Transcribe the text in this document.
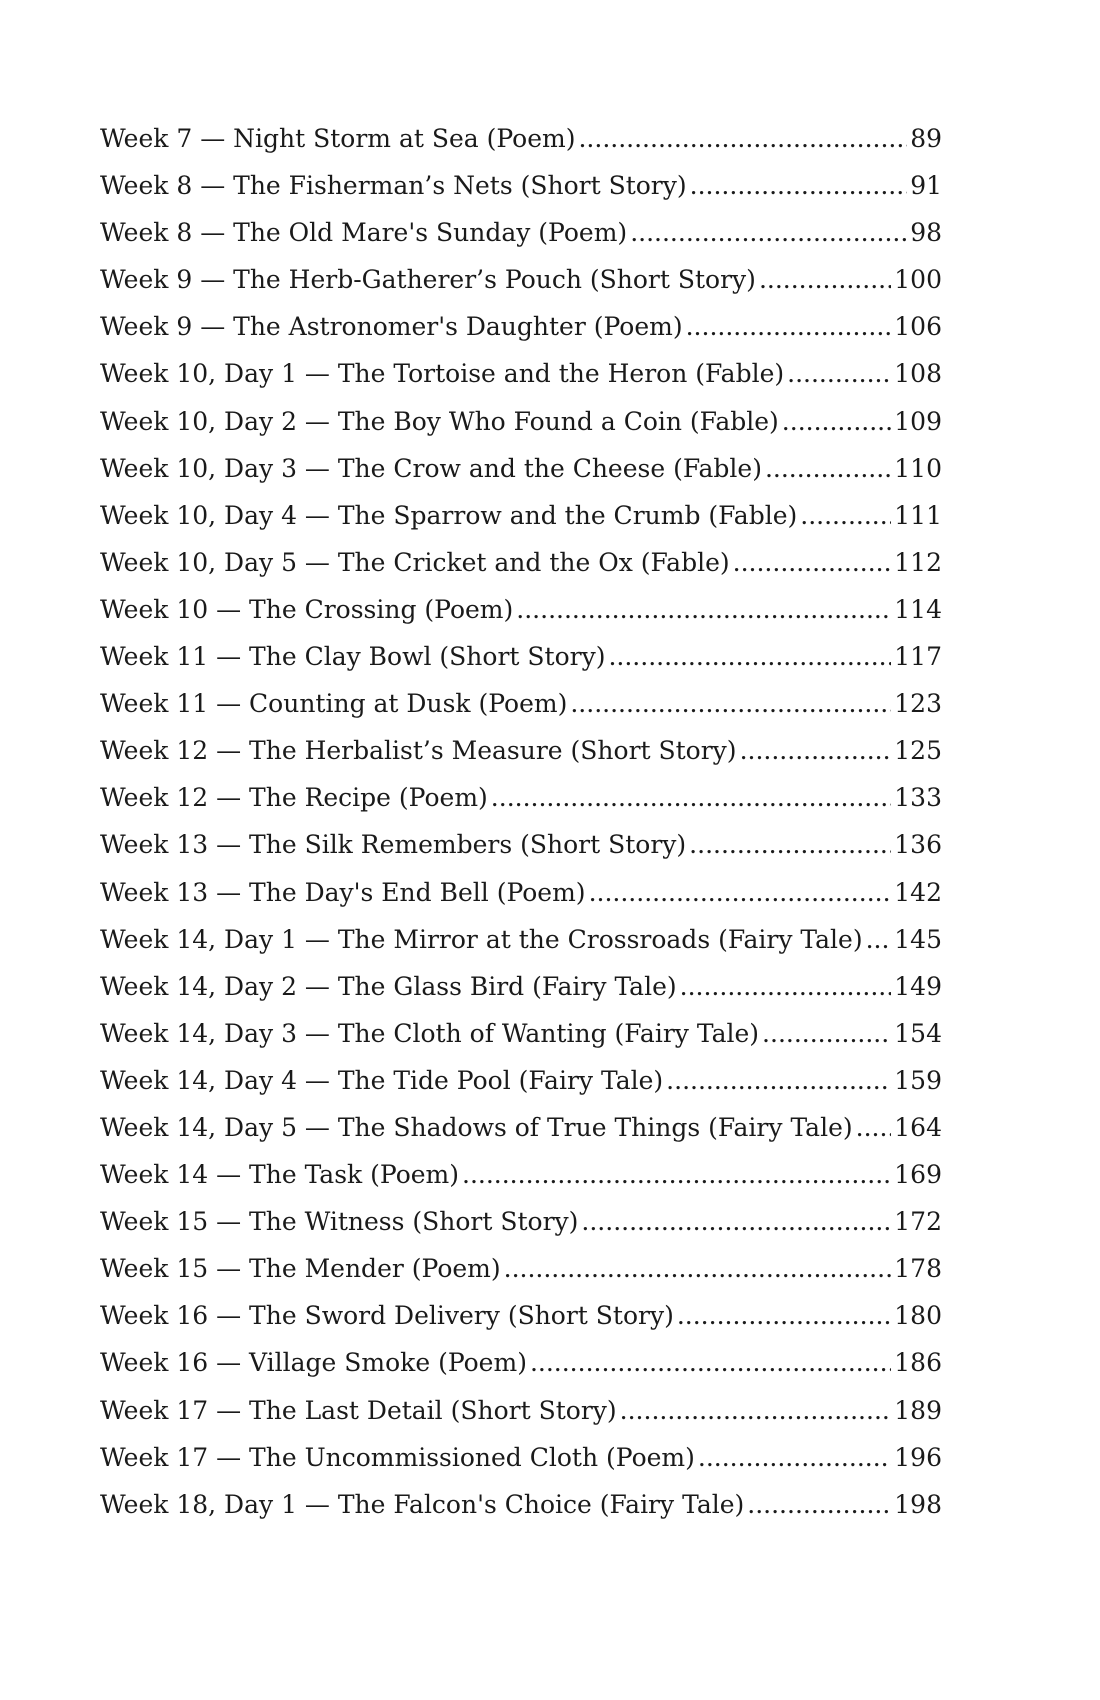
Week 7 — Night Storm at Sea (Poem) .....	89
Week 8 — The Fisherman’s Nets (Short Story) .....	91
Week 8 — The Old Mare's Sunday (Poem) .....	98
Week 9 — The Herb-Gatherer’s Pouch (Short Story) .....	100
Week 9 — The Astronomer's Daughter (Poem) .....	106
Week 10, Day 1 — The Tortoise and the Heron (Fable) .....	108
Week 10, Day 2 — The Boy Who Found a Coin (Fable) .....	109
Week 10, Day 3 — The Crow and the Cheese (Fable) .....	110
Week 10, Day 4 — The Sparrow and the Crumb (Fable) .....	111
Week 10, Day 5 — The Cricket and the Ox (Fable) .....	112
Week 10 — The Crossing (Poem) .....	114
Week 11 — The Clay Bowl (Short Story) .....	117
Week 11 — Counting at Dusk (Poem) .....	123
Week 12 — The Herbalist’s Measure (Short Story) .....	125
Week 12 — The Recipe (Poem) .....	133
Week 13 — The Silk Remembers (Short Story) .....	136
Week 13 — The Day's End Bell (Poem) .....	142
Week 14, Day 1 — The Mirror at the Crossroads (Fairy Tale) ..... 145
Week 14, Day 2 — The Glass Bird (Fairy Tale) .....	149
Week 14, Day 3 — The Cloth of Wanting (Fairy Tale) .....	154
Week 14, Day 4 — The Tide Pool (Fairy Tale) .....	159
Week 14, Day 5 — The Shadows of True Things (Fairy Tale) ..... 164
Week 14 — The Task (Poem) .....	169
Week 15 — The Witness (Short Story) .....	172
Week 15 — The Mender (Poem) .....	178
Week 16 — The Sword Delivery (Short Story) .....	180
Week 16 — Village Smoke (Poem) .....	186
Week 17 — The Last Detail (Short Story) .....	189
Week 17 — The Uncommissioned Cloth (Poem) .....	196
Week 18, Day 1 — The Falcon's Choice (Fairy Tale) .....	198
